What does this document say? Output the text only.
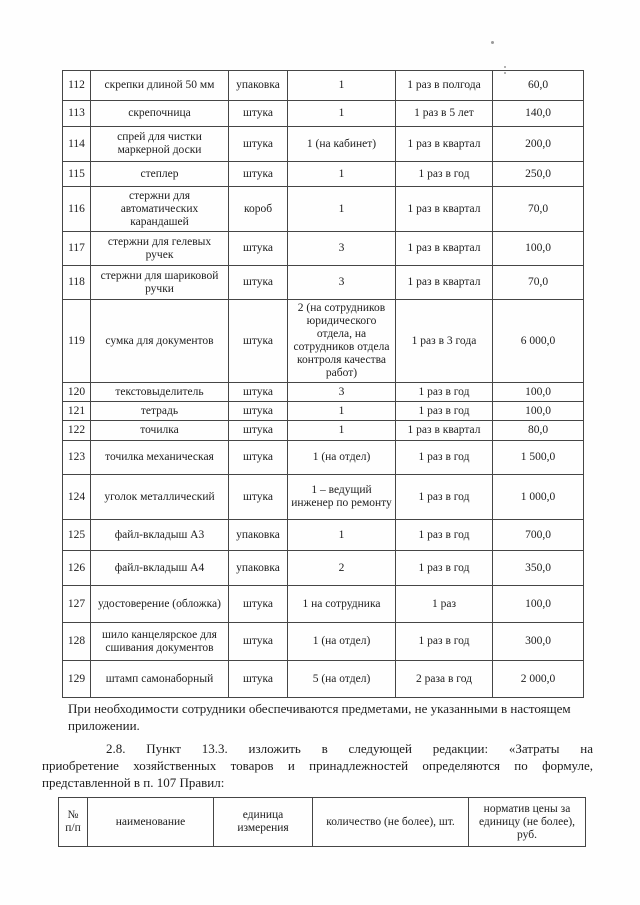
112	скрепки длиной 50 мм	упаковка	1	1 раз в полгода	60,0
113	скрепочница	штука	1	1 раз в 5 лет	140,0
114	спрей для чистки маркерной доски	штука	1 (на кабинет)	1 раз в квартал	200,0
115	степлер	штука	1	1 раз в год	250,0
116	стержни для автоматических карандашей	короб	1	1 раз в квартал	70,0
117	стержни для гелевых ручек	штука	3	1 раз в квартал	100,0
118	стержни для шариковой ручки	штука	3	1 раз в квартал	70,0
119	сумка для документов	штука	2 (на сотрудников юридического отдела, на сотрудников отдела контроля качества работ)	1 раз в 3 года	6 000,0
120	текстовыделитель	штука	3	1 раз в год	100,0
121	тетрадь	штука	1	1 раз в год	100,0
122	точилка	штука	1	1 раз в квартал	80,0
123	точилка механическая	штука	1 (на отдел)	1 раз в год	1 500,0
124	уголок металлический	штука	1 – ведущий инженер по ремонту	1 раз в год	1 000,0
125	файл-вкладыш А3	упаковка	1	1 раз в год	700,0
126	файл-вкладыш А4	упаковка	2	1 раз в год	350,0
127	удостоверение (обложка)	штука	1 на сотрудника	1 раз	100,0
128	шило канцелярское для сшивания документов	штука	1 (на отдел)	1 раз в год	300,0
129	штамп самонаборный	штука	5 (на отдел)	2 раза в год	2 000,0
При необходимости сотрудники обеспечиваются предметами, не указанными в настоящем
приложении.
2.8. Пункт 13.3. изложить в следующей редакции: «Затраты на
приобретение хозяйственных товаров и принадлежностей определяются по формуле,
представленной в п. 107 Правил:
№ п/п	наименование	единица измерения	количество (не более), шт.	норматив цены за единицу (не более), руб.
